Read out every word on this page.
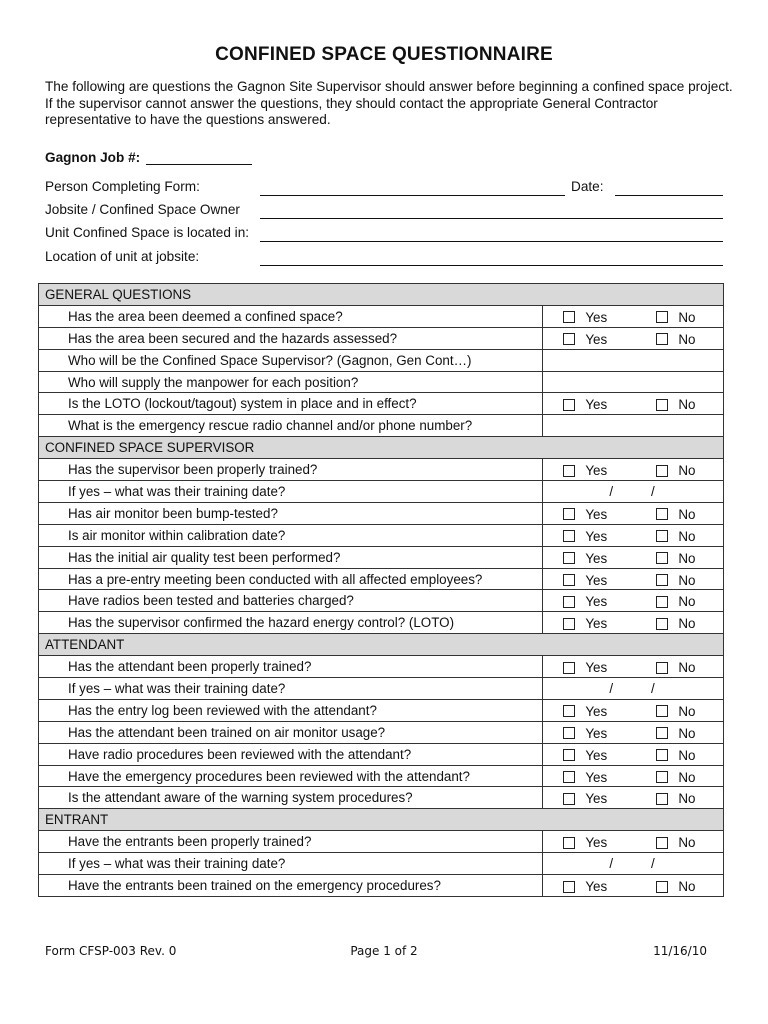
CONFINED SPACE QUESTIONNAIRE
The following are questions the Gagnon Site Supervisor should answer before beginning a confined space project. If the supervisor cannot answer the questions, they should contact the appropriate General Contractor representative to have the questions answered.
Gagnon Job #:
Person Completing Form:	Date:
Jobsite / Confined Space Owner
Unit Confined Space is located in:
Location of unit at jobsite:
GENERAL QUESTIONS	
Has the area been deemed a confined space?	Yes No

Has the area been secured and the hazards assessed?	Yes No

Who will be the Confined Space Supervisor? (Gagnon, Gen Cont…)	
Who will supply the manpower for each position?	
Is the LOTO (lockout/tagout) system in place and in effect?	Yes No

What is the emergency rescue radio channel and/or phone number?	
CONFINED SPACE SUPERVISOR	
Has the supervisor been properly trained?	Yes No

If yes – what was their training date?	/ /

Has air monitor been bump-tested?	Yes No

Is air monitor within calibration date?	Yes No

Has the initial air quality test been performed?	Yes No

Has a pre-entry meeting been conducted with all affected employees?	Yes No

Have radios been tested and batteries charged?	Yes No

Has the supervisor confirmed the hazard energy control? (LOTO)	Yes No

ATTENDANT	
Has the attendant been properly trained?	Yes No

If yes – what was their training date?	/ /

Has the entry log been reviewed with the attendant?	Yes No

Has the attendant been trained on air monitor usage?	Yes No

Have radio procedures been reviewed with the attendant?	Yes No

Have the emergency procedures been reviewed with the attendant?	Yes No

Is the attendant aware of the warning system procedures?	Yes No

ENTRANT	
Have the entrants been properly trained?	Yes No

If yes – what was their training date?	/ /

Have the entrants been trained on the emergency procedures?	Yes No
Form CFSP-003 Rev. 0	Page 1 of 2	11/16/10
